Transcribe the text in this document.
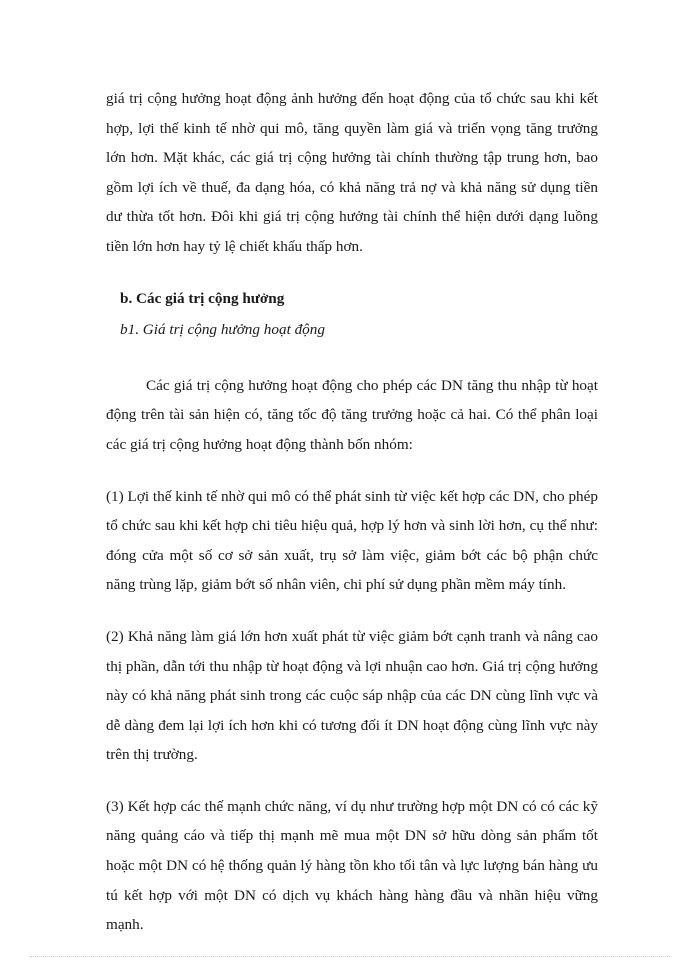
giá trị cộng hưởng hoạt động ảnh hưởng đến hoạt động của tổ chức sau khi kết hợp, lợi thế kinh tế nhờ qui mô, tăng quyền làm giá và triển vọng tăng trưởng lớn hơn. Mặt khác, các giá trị cộng hưởng tài chính thường tập trung hơn, bao gồm lợi ích về thuế, đa dạng hóa, có khả năng trả nợ và khả năng sử dụng tiền dư thừa tốt hơn. Đôi khi giá trị cộng hưởng tài chính thể hiện dưới dạng luồng tiền lớn hơn hay tỷ lệ chiết khấu thấp hơn.

b. Các giá trị cộng hưởng

b1. Giá trị cộng hưởng hoạt động

Các giá trị cộng hưởng hoạt động cho phép các DN tăng thu nhập từ hoạt động trên tài sản hiện có, tăng tốc độ tăng trưởng hoặc cả hai. Có thể phân loại các giá trị cộng hưởng hoạt động thành bốn nhóm:

(1) Lợi thế kinh tế nhờ qui mô có thể phát sinh từ việc kết hợp các DN, cho phép tổ chức sau khi kết hợp chi tiêu hiệu quả, hợp lý hơn và sinh lời hơn, cụ thể như: đóng cửa một số cơ sở sản xuất, trụ sở làm việc, giảm bớt các bộ phận chức năng trùng lặp, giảm bớt số nhân viên, chi phí sử dụng phần mềm máy tính.

(2) Khả năng làm giá lớn hơn xuất phát từ việc giảm bớt cạnh tranh và nâng cao thị phần, dẫn tới thu nhập từ hoạt động và lợi nhuận cao hơn. Giá trị cộng hưởng này có khả năng phát sinh trong các cuộc sáp nhập của các DN cùng lĩnh vực và dễ dàng đem lại lợi ích hơn khi có tương đối ít DN hoạt động cùng lĩnh vực này trên thị trường.

(3) Kết hợp các thế mạnh chức năng, ví dụ như trường hợp một DN có có các kỹ năng quảng cáo và tiếp thị mạnh mẽ mua một DN sở hữu dòng sản phẩm tốt hoặc một DN có hệ thống quản lý hàng tồn kho tối tân và lực lượng bán hàng ưu tú kết hợp với một DN có dịch vụ khách hàng hàng đầu và nhãn hiệu vững mạnh.
